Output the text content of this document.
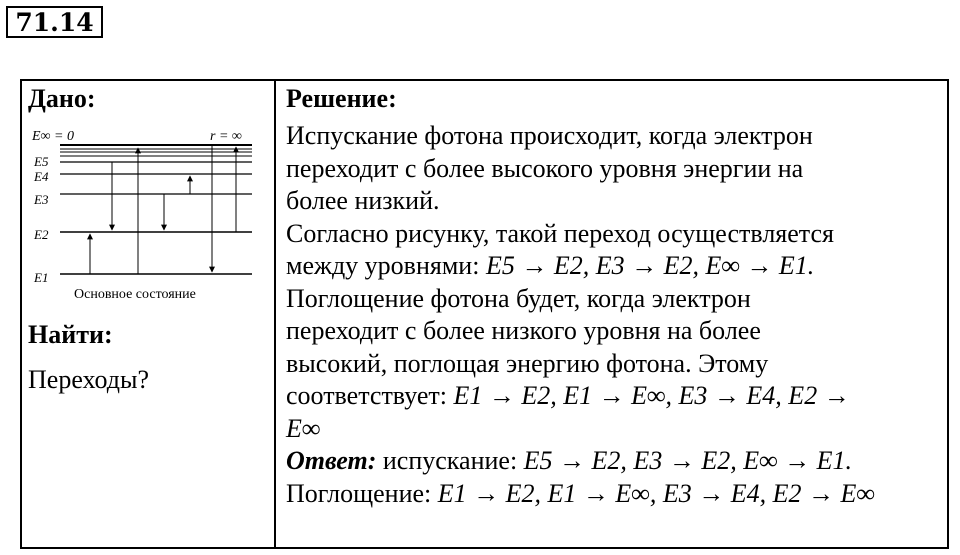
71.14
Дано:
E∞ = 0	r = ∞
E5
E4
E3
E2
E1
Основное состояние
Найти:
Переходы?
Решение:
Испускание фотона происходит, когда электрон
переходит с более высокого уровня энергии на
более низкий.
Согласно рисунку, такой переход осуществляется
между уровнями: E5 → E2, E3 → E2, E∞ → E1.
Поглощение фотона будет, когда электрон
переходит с более низкого уровня на более
высокий, поглощая энергию фотона. Этому
соответствует: E1 → E2, E1 → E∞, E3 → E4, E2 →
E∞
Ответ: испускание: E5 → E2, E3 → E2, E∞ → E1.
Поглощение: E1 → E2, E1 → E∞, E3 → E4, E2 → E∞
